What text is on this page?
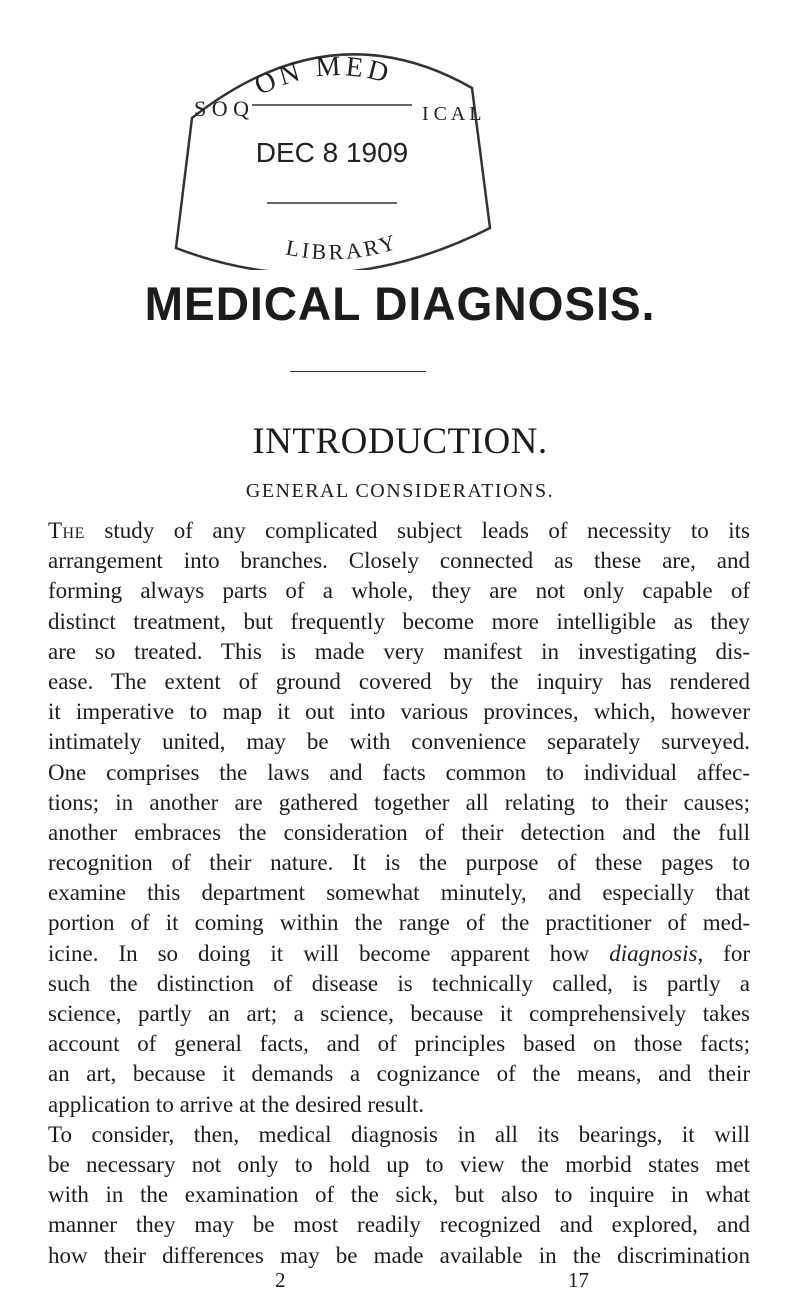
ON MED
S O Q	I C A L
DEC 8 1909
LIBRARY
MEDICAL DIAGNOSIS.
INTRODUCTION.
GENERAL CONSIDERATIONS.
The study of any complicated subject leads of necessity to its
arrangement into branches. Closely connected as these are, and
forming always parts of a whole, they are not only capable of
distinct treatment, but frequently become more intelligible as they
are so treated. This is made very manifest in investigating dis-
ease. The extent of ground covered by the inquiry has rendered
it imperative to map it out into various provinces, which, however
intimately united, may be with convenience separately surveyed.
One comprises the laws and facts common to individual affec-
tions; in another are gathered together all relating to their causes;
another embraces the consideration of their detection and the full
recognition of their nature. It is the purpose of these pages to
examine this department somewhat minutely, and especially that
portion of it coming within the range of the practitioner of med-
icine. In so doing it will become apparent how diagnosis, for
such the distinction of disease is technically called, is partly a
science, partly an art; a science, because it comprehensively takes
account of general facts, and of principles based on those facts;
an art, because it demands a cognizance of the means, and their
application to arrive at the desired result.
To consider, then, medical diagnosis in all its bearings, it will
be necessary not only to hold up to view the morbid states met
with in the examination of the sick, but also to inquire in what
manner they may be most readily recognized and explored, and
how their differences may be made available in the discrimination
2	17
